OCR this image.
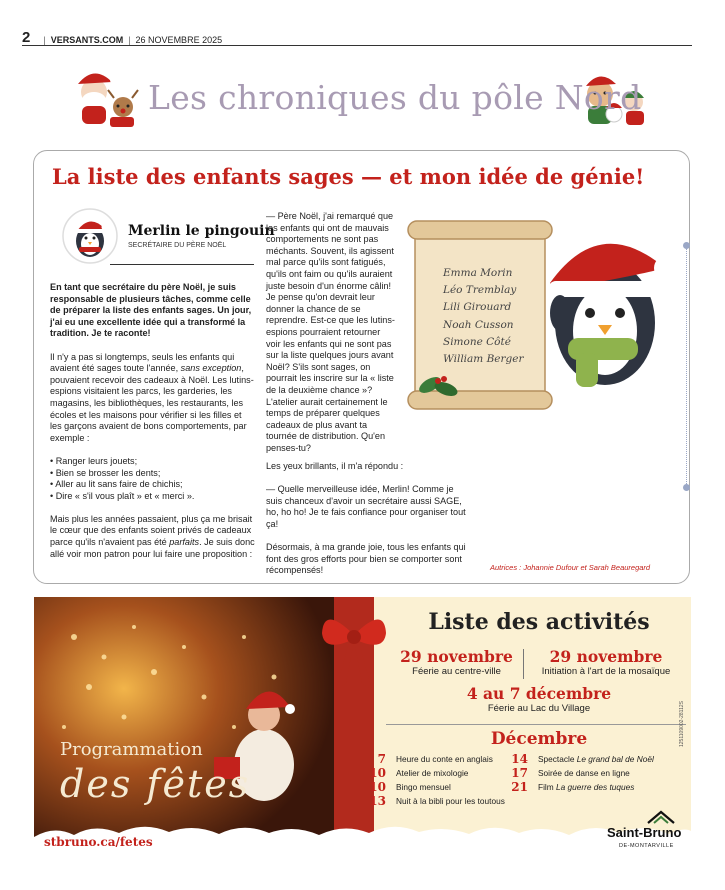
2 | VERSANTS.COM | 26 NOVEMBRE 2025
Les chroniques du pôle Nord
La liste des enfants sages — et mon idée de génie!
Merlin le pingouin
SECRÉTAIRE DU PÈRE NOËL

En tant que secrétaire du père Noël, je suis responsable de plusieurs tâches, comme celle de préparer la liste des enfants sages. Un jour, j'ai eu une excellente idée qui a transformé la tradition. Je te raconte!

Il n'y a pas si longtemps, seuls les enfants qui avaient été sages toute l'année, sans exception, pouvaient recevoir des cadeaux à Noël. Les lutins-espions visitaient les parcs, les garderies, les magasins, les bibliothèques, les restaurants, les écoles et les maisons pour vérifier si les filles et les garçons avaient de bons comportements, par exemple :

• Ranger leurs jouets;
• Bien se brosser les dents;
• Aller au lit sans faire de chichis;
• Dire « s'il vous plaît » et « merci ».

Mais plus les années passaient, plus ça me brisait le cœur que des enfants soient privés de cadeaux parce qu'ils n'avaient pas été parfaits. Je suis donc allé voir mon patron pour lui faire une proposition :

— Père Noël, j'ai remarqué que les enfants qui ont de mauvais comportements ne sont pas méchants. Souvent, ils agissent mal parce qu'ils sont fatigués, qu'ils ont faim ou qu'ils auraient juste besoin d'un énorme câlin! Je pense qu'on devrait leur donner la chance de se reprendre. Est-ce que les lutins-espions pourraient retourner voir les enfants qui ne sont pas sur la liste quelques jours avant Noël? S'ils sont sages, on pourrait les inscrire sur la « liste de la deuxième chance »? L'atelier aurait certainement le temps de préparer quelques cadeaux de plus avant ta tournée de distribution. Qu'en penses-tu?

Les yeux brillants, il m'a répondu :

— Quelle merveilleuse idée, Merlin! Comme je suis chanceux d'avoir un secrétaire aussi SAGE, ho, ho ho! Je te fais confiance pour organiser tout ça!

Désormais, à ma grande joie, tous les enfants qui font des gros efforts pour bien se comporter sont récompensés!

Emma Morin
Léo Tremblay
Lili Girouard
Noah Cusson
Simone Côté
William Berger
Autrices : Johannie Dufour et Sarah Beauregard
Programmation
des fêtes
Liste des activités
29 novembre
Féerie au centre-ville
29 novembre
Initiation à l'art de la mosaïque
4 au 7 décembre
Féerie au Lac du Village
Décembre
7 Heure du conte en anglais
10 Atelier de mixologie
10 Bingo mensuel
13 Nuit à la bibli pour les toutous
14 Spectacle Le grand bal de Noël
17 Soirée de danse en ligne
21 Film La guerre des tuques
1251109002-28112S
stbruno.ca/fetes
Saint-Bruno
DE-MONTARVILLE
